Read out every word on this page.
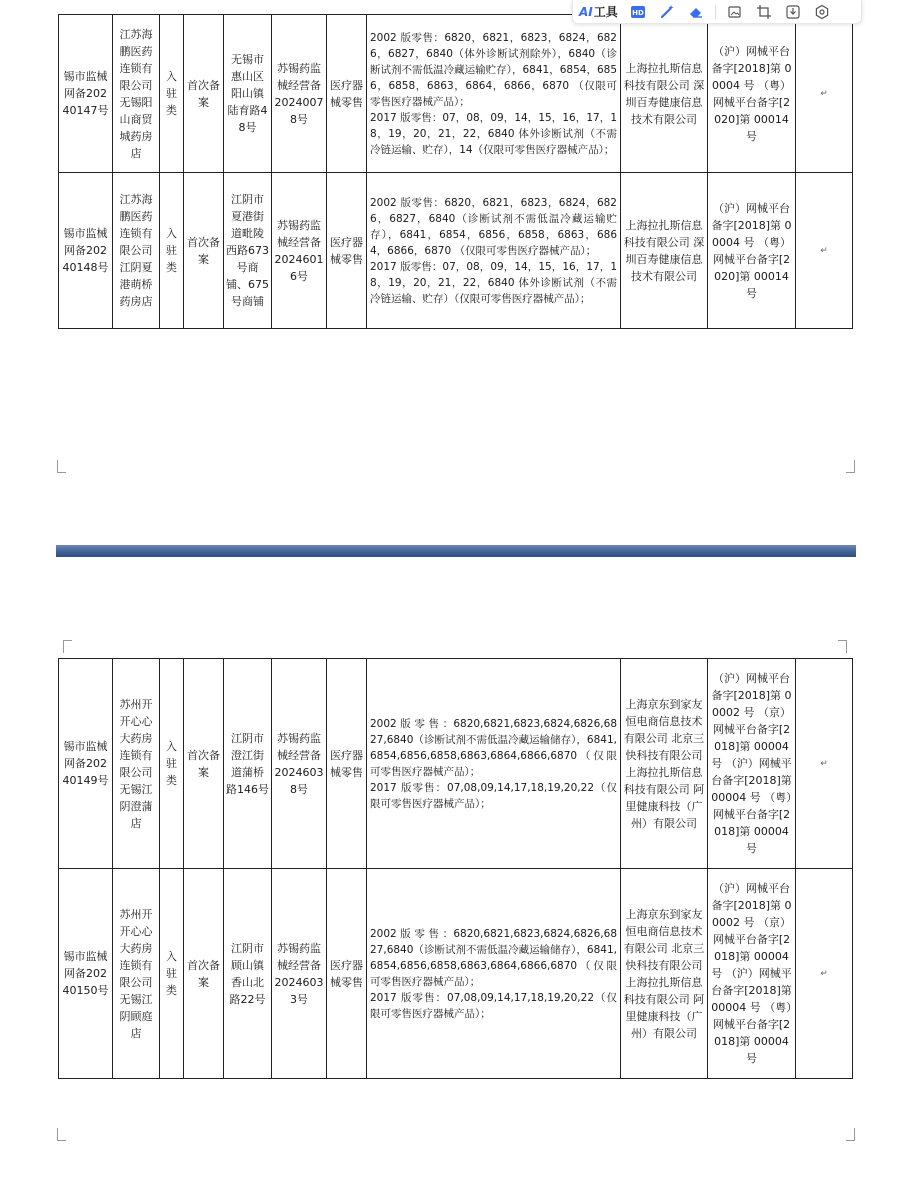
AI 工具 HD
锡市监械网备20240147号	江苏海鹏医药连锁有限公司无锡阳山商贸城药房店	入驻类	首次备案	无锡市惠山区阳山镇陆育路48号	苏锡药监械经营备20240078号	医疗器械零售	2002 版零售：6820，6821，6823，6824，6826，6827，6840（体外诊断试剂除外），6840（诊断试剂不需低温冷藏运输贮存），6841，6854，6856，6858，6863，6864，6866，6870 （仅限可零售医疗器械产品）；

2017 版零售：07，08，09，14，15，16，17，18，19，20，21，22，6840 体外诊断试剂（不需冷链运输、贮存），14（仅限可零售医疗器械产品）；	上海拉扎斯信息科技有限公司 深圳百寿健康信息技术有限公司	（沪）网械平台备字[2018]第 00004 号 （粤）网械平台备字[2020]第 00014 号	↵
锡市监械网备20240148号	江苏海鹏医药连锁有限公司江阴夏港萌桥药房店	入驻类	首次备案	江阴市夏港街道毗陵西路673号商铺、675号商铺	苏锡药监械经营备20246016号	医疗器械零售	2002 版零售：6820，6821，6823，6824，6826，6827，6840（诊断试剂不需低温冷藏运输贮存），6841，6854，6856，6858，6863，6864，6866，6870 （仅限可零售医疗器械产品）；

2017 版零售：07，08，09，14，15，16，17，18，19，20，21，22，6840 体外诊断试剂（不需冷链运输、贮存）（仅限可零售医疗器械产品）；	上海拉扎斯信息科技有限公司 深圳百寿健康信息技术有限公司	（沪）网械平台备字[2018]第 00004 号 （粤）网械平台备字[2020]第 00014 号	↵
锡市监械网备20240149号	苏州开开心心大药房连锁有限公司无锡江阴澄蒲店	入驻类	首次备案	江阴市澄江街道蒲桥路146号	苏锡药监械经营备20246038号	医疗器械零售	2002 版 零 售 ：6820,6821,6823,6824,6826,6827,6840（诊断试剂不需低温冷藏运输储存），6841,6854,6856,6858,6863,6864,6866,6870（仅限可零售医疗器械产品）；

2017 版零售：07,08,09,14,17,18,19,20,22（仅限可零售医疗器械产品）；	上海京东到家友恒电商信息技术有限公司 北京三快科技有限公司 上海拉扎斯信息科技有限公司 阿里健康科技（广州）有限公司	（沪）网械平台备字[2018]第 00002 号 （京）网械平台备字[2018]第 00004 号 （沪）网械平台备字[2018]第 00004 号 （粤）网械平台备字[2018]第 00004 号	↵
锡市监械网备20240150号	苏州开开心心大药房连锁有限公司无锡江阴顾庭店	入驻类	首次备案	江阴市顾山镇香山北路22号	苏锡药监械经营备20246033号	医疗器械零售	2002 版 零 售 ：6820,6821,6823,6824,6826,6827,6840（诊断试剂不需低温冷藏运输储存），6841,6854,6856,6858,6863,6864,6866,6870（仅限可零售医疗器械产品）；

2017 版零售：07,08,09,14,17,18,19,20,22（仅限可零售医疗器械产品）；	上海京东到家友恒电商信息技术有限公司 北京三快科技有限公司 上海拉扎斯信息科技有限公司 阿里健康科技（广州）有限公司	（沪）网械平台备字[2018]第 00002 号 （京）网械平台备字[2018]第 00004 号 （沪）网械平台备字[2018]第 00004 号 （粤）网械平台备字[2018]第 00004 号	↵
